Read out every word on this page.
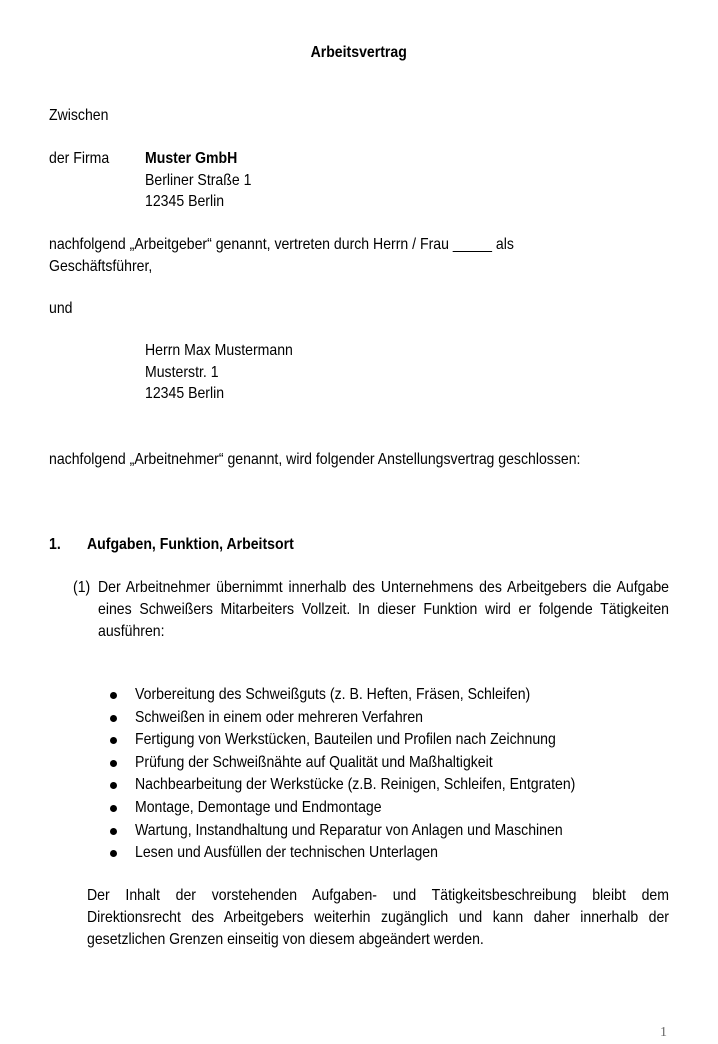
Arbeitsvertrag
Zwischen
der Firma	Muster GmbH
Berliner Straße 1
12345 Berlin
nachfolgend „Arbeitgeber“ genannt, vertreten durch Herrn / Frau _____ als
Geschäftsführer,
und
Herrn Max Mustermann
Musterstr. 1
12345 Berlin
nachfolgend „Arbeitnehmer“ genannt, wird folgender Anstellungsvertrag geschlossen:
1. Aufgaben, Funktion, Arbeitsort
(1) Der Arbeitnehmer übernimmt innerhalb des Unternehmens des Arbeitgebers die Aufgabe eines Schweißers Mitarbeiters Vollzeit. In dieser Funktion wird er folgende Tätigkeiten ausführen:
Vorbereitung des Schweißguts (z. B. Heften, Fräsen, Schleifen)
Schweißen in einem oder mehreren Verfahren
Fertigung von Werkstücken, Bauteilen und Profilen nach Zeichnung
Prüfung der Schweißnähte auf Qualität und Maßhaltigkeit
Nachbearbeitung der Werkstücke (z.B. Reinigen, Schleifen, Entgraten)
Montage, Demontage und Endmontage
Wartung, Instandhaltung und Reparatur von Anlagen und Maschinen
Lesen und Ausfüllen der technischen Unterlagen
Der Inhalt der vorstehenden Aufgaben- und Tätigkeitsbeschreibung bleibt dem Direktionsrecht des Arbeitgebers weiterhin zugänglich und kann daher innerhalb der gesetzlichen Grenzen einseitig von diesem abgeändert werden.
1
